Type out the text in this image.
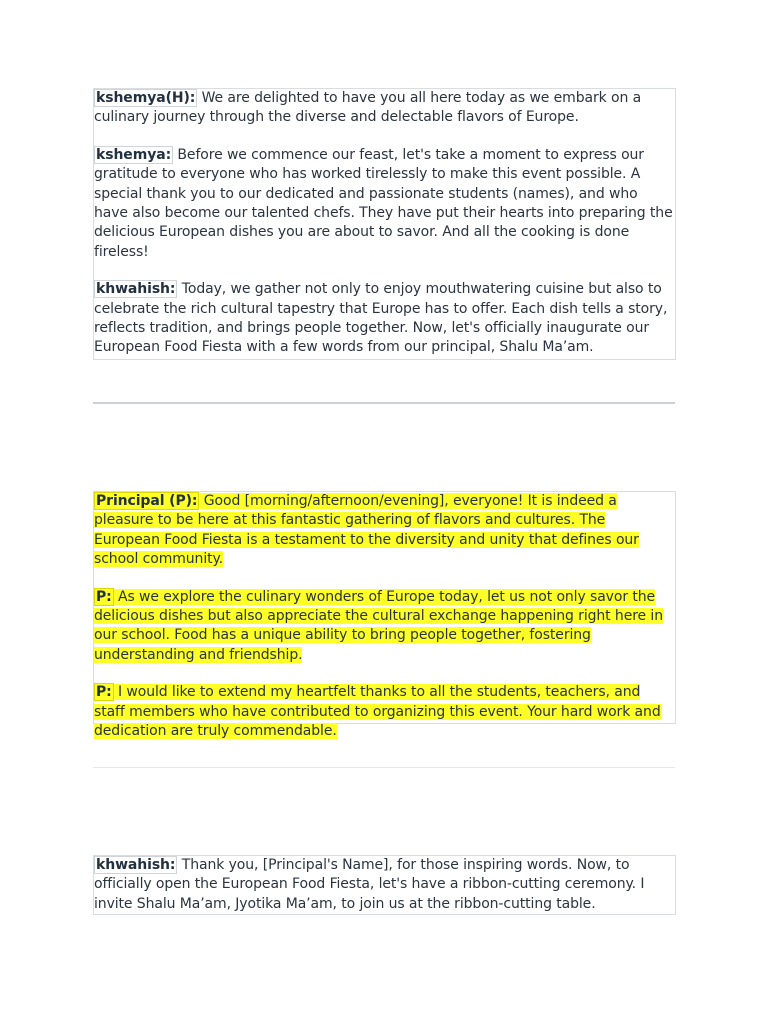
kshemya(H): We are delighted to have you all here today as we embark on a culinary journey through the diverse and delectable flavors of Europe.

kshemya: Before we commence our feast, let's take a moment to express our gratitude to everyone who has worked tirelessly to make this event possible. A special thank you to our dedicated and passionate students (names), and who have also become our talented chefs. They have put their hearts into preparing the delicious European dishes you are about to savor. And all the cooking is done fireless!

khwahish: Today, we gather not only to enjoy mouthwatering cuisine but also to celebrate the rich cultural tapestry that Europe has to offer. Each dish tells a story, reflects tradition, and brings people together. Now, let's officially inaugurate our European Food Fiesta with a few words from our principal, Shalu Ma’am.

Principal (P): Good [morning/afternoon/evening], everyone! It is indeed a pleasure to be here at this fantastic gathering of flavors and cultures. The European Food Fiesta is a testament to the diversity and unity that defines our school community.

P: As we explore the culinary wonders of Europe today, let us not only savor the delicious dishes but also appreciate the cultural exchange happening right here in our school. Food has a unique ability to bring people together, fostering understanding and friendship.

P: I would like to extend my heartfelt thanks to all the students, teachers, and staff members who have contributed to organizing this event. Your hard work and dedication are truly commendable.

khwahish: Thank you, [Principal's Name], for those inspiring words. Now, to officially open the European Food Fiesta, let's have a ribbon-cutting ceremony. I invite Shalu Ma’am, Jyotika Ma’am, to join us at the ribbon-cutting table.
